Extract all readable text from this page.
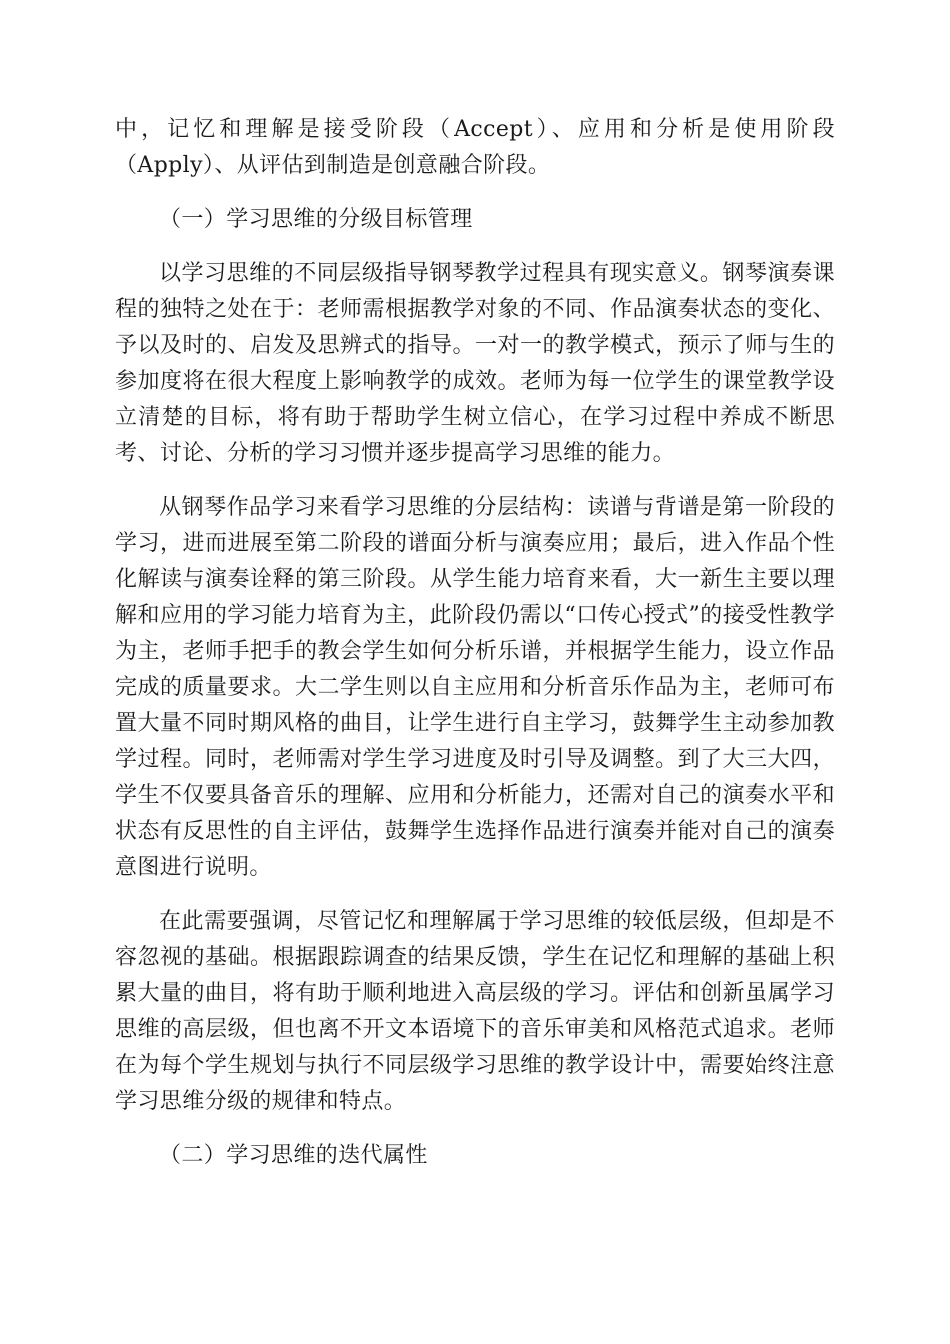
中，记忆和理解是接受阶段（Accept）、应用和分析是使用阶段（Apply）、从评估到制造是创意融合阶段。

（一）学习思维的分级目标管理

以学习思维的不同层级指导钢琴教学过程具有现实意义。钢琴演奏课程的独特之处在于：老师需根据教学对象的不同、作品演奏状态的变化、予以及时的、启发及思辨式的指导。一对一的教学模式，预示了师与生的参加度将在很大程度上影响教学的成效。老师为每一位学生的课堂教学设立清楚的目标，将有助于帮助学生树立信心，在学习过程中养成不断思考、讨论、分析的学习习惯并逐步提高学习思维的能力。

从钢琴作品学习来看学习思维的分层结构：读谱与背谱是第一阶段的学习，进而进展至第二阶段的谱面分析与演奏应用；最后，进入作品个性化解读与演奏诠释的第三阶段。从学生能力培育来看，大一新生主要以理解和应用的学习能力培育为主，此阶段仍需以“口传心授式”的接受性教学为主，老师手把手的教会学生如何分析乐谱，并根据学生能力，设立作品完成的质量要求。大二学生则以自主应用和分析音乐作品为主，老师可布置大量不同时期风格的曲目，让学生进行自主学习，鼓舞学生主动参加教学过程。同时，老师需对学生学习进度及时引导及调整。到了大三大四，学生不仅要具备音乐的理解、应用和分析能力，还需对自己的演奏水平和状态有反思性的自主评估，鼓舞学生选择作品进行演奏并能对自己的演奏意图进行说明。

在此需要强调，尽管记忆和理解属于学习思维的较低层级，但却是不容忽视的基础。根据跟踪调查的结果反馈，学生在记忆和理解的基础上积累大量的曲目，将有助于顺利地进入高层级的学习。评估和创新虽属学习思维的高层级，但也离不开文本语境下的音乐审美和风格范式追求。老师在为每个学生规划与执行不同层级学习思维的教学设计中，需要始终注意学习思维分级的规律和特点。

（二）学习思维的迭代属性
